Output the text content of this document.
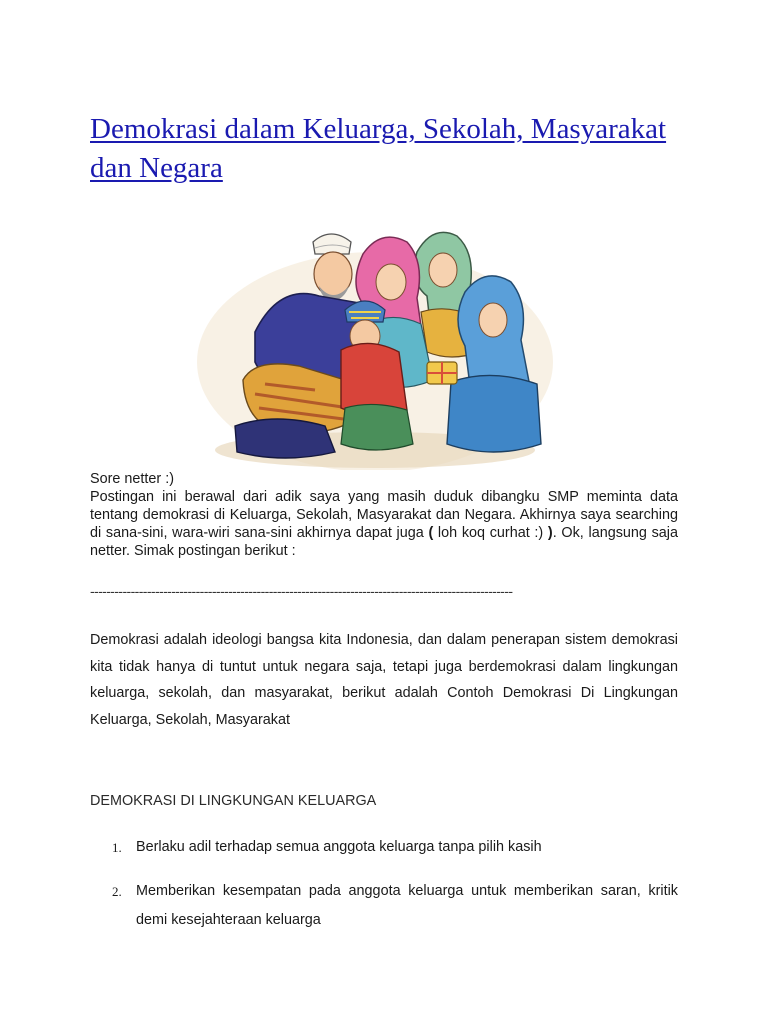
Demokrasi dalam Keluarga, Sekolah, Masyarakat dan Negara

Sore netter :)

Postingan ini berawal dari adik saya yang masih duduk dibangku SMP meminta data tentang demokrasi di Keluarga, Sekolah, Masyarakat dan Negara. Akhirnya saya searching di sana-sini, wara-wiri sana-sini akhirnya dapat juga ( loh koq curhat :) ). Ok, langsung saja netter. Simak postingan berikut :

--------------------------------------------------------------------------------------------------------

Demokrasi adalah ideologi bangsa kita Indonesia, dan dalam penerapan sistem demokrasi kita tidak hanya di tuntut untuk negara saja, tetapi juga berdemokrasi dalam lingkungan keluarga, sekolah, dan masyarakat, berikut adalah Contoh Demokrasi Di Lingkungan Keluarga, Sekolah, Masyarakat

DEMOKRASI DI LINGKUNGAN KELUARGA
1. Berlaku adil terhadap semua anggota keluarga tanpa pilih kasih
2. Memberikan kesempatan pada anggota keluarga untuk memberikan saran, kritik demi kesejahteraan keluarga
